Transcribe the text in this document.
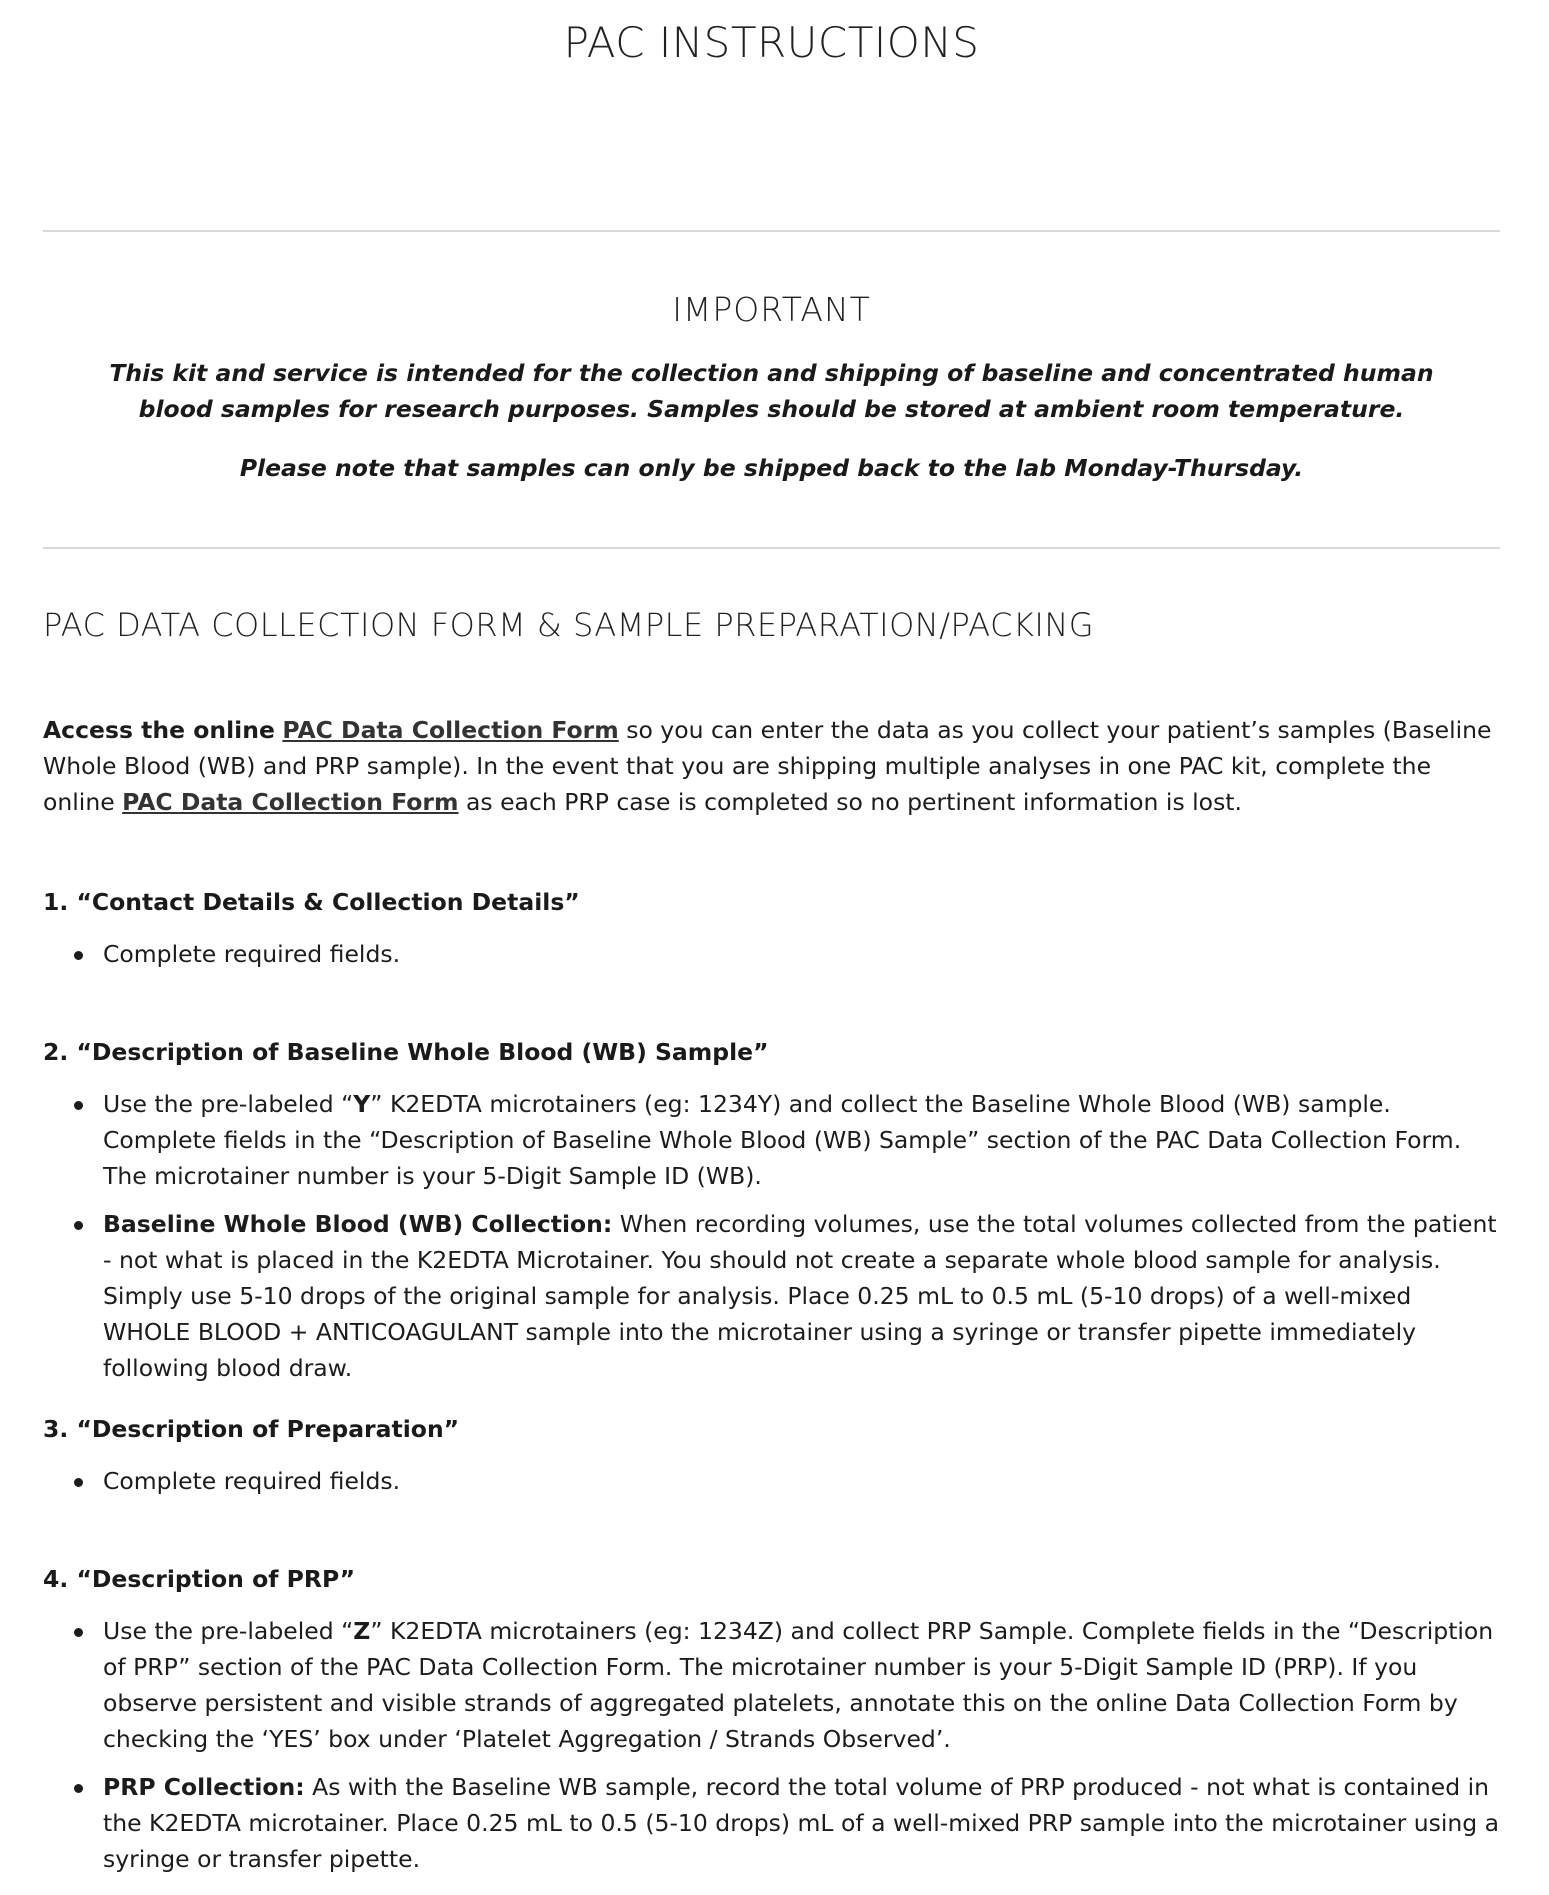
PAC INSTRUCTIONS
IMPORTANT

This kit and service is intended for the collection and shipping of baseline and concentrated human blood samples for research purposes. Samples should be stored at ambient room temperature.

Please note that samples can only be shipped back to the lab Monday-Thursday.

PAC DATA COLLECTION FORM & SAMPLE PREPARATION/PACKING

Access the online PAC Data Collection Form so you can enter the data as you collect your patient’s samples (Baseline Whole Blood (WB) and PRP sample). In the event that you are shipping multiple analyses in one PAC kit, complete the online PAC Data Collection Form as each PRP case is completed so no pertinent information is lost.

1. “Contact Details & Collection Details”
Complete required fields.
2. “Description of Baseline Whole Blood (WB) Sample”
Use the pre-labeled “Y” K2EDTA microtainers (eg: 1234Y) and collect the Baseline Whole Blood (WB) sample. Complete fields in the “Description of Baseline Whole Blood (WB) Sample” section of the PAC Data Collection Form. The microtainer number is your 5-Digit Sample ID (WB).
Baseline Whole Blood (WB) Collection: When recording volumes, use the total volumes collected from the patient - not what is placed in the K2EDTA Microtainer. You should not create a separate whole blood sample for analysis. Simply use 5-10 drops of the original sample for analysis. Place 0.25 mL to 0.5 mL (5-10 drops) of a well-mixed WHOLE BLOOD + ANTICOAGULANT sample into the microtainer using a syringe or transfer pipette immediately following blood draw.
3. “Description of Preparation”
Complete required fields.
4. “Description of PRP”
Use the pre-labeled “Z” K2EDTA microtainers (eg: 1234Z) and collect PRP Sample. Complete fields in the “Description of PRP” section of the PAC Data Collection Form. The microtainer number is your 5-Digit Sample ID (PRP). If you observe persistent and visible strands of aggregated platelets, annotate this on the online Data Collection Form by checking the ‘YES’ box under ‘Platelet Aggregation / Strands Observed’.
PRP Collection: As with the Baseline WB sample, record the total volume of PRP produced - not what is contained in the K2EDTA microtainer. Place 0.25 mL to 0.5 (5-10 drops) mL of a well-mixed PRP sample into the microtainer using a syringe or transfer pipette.
